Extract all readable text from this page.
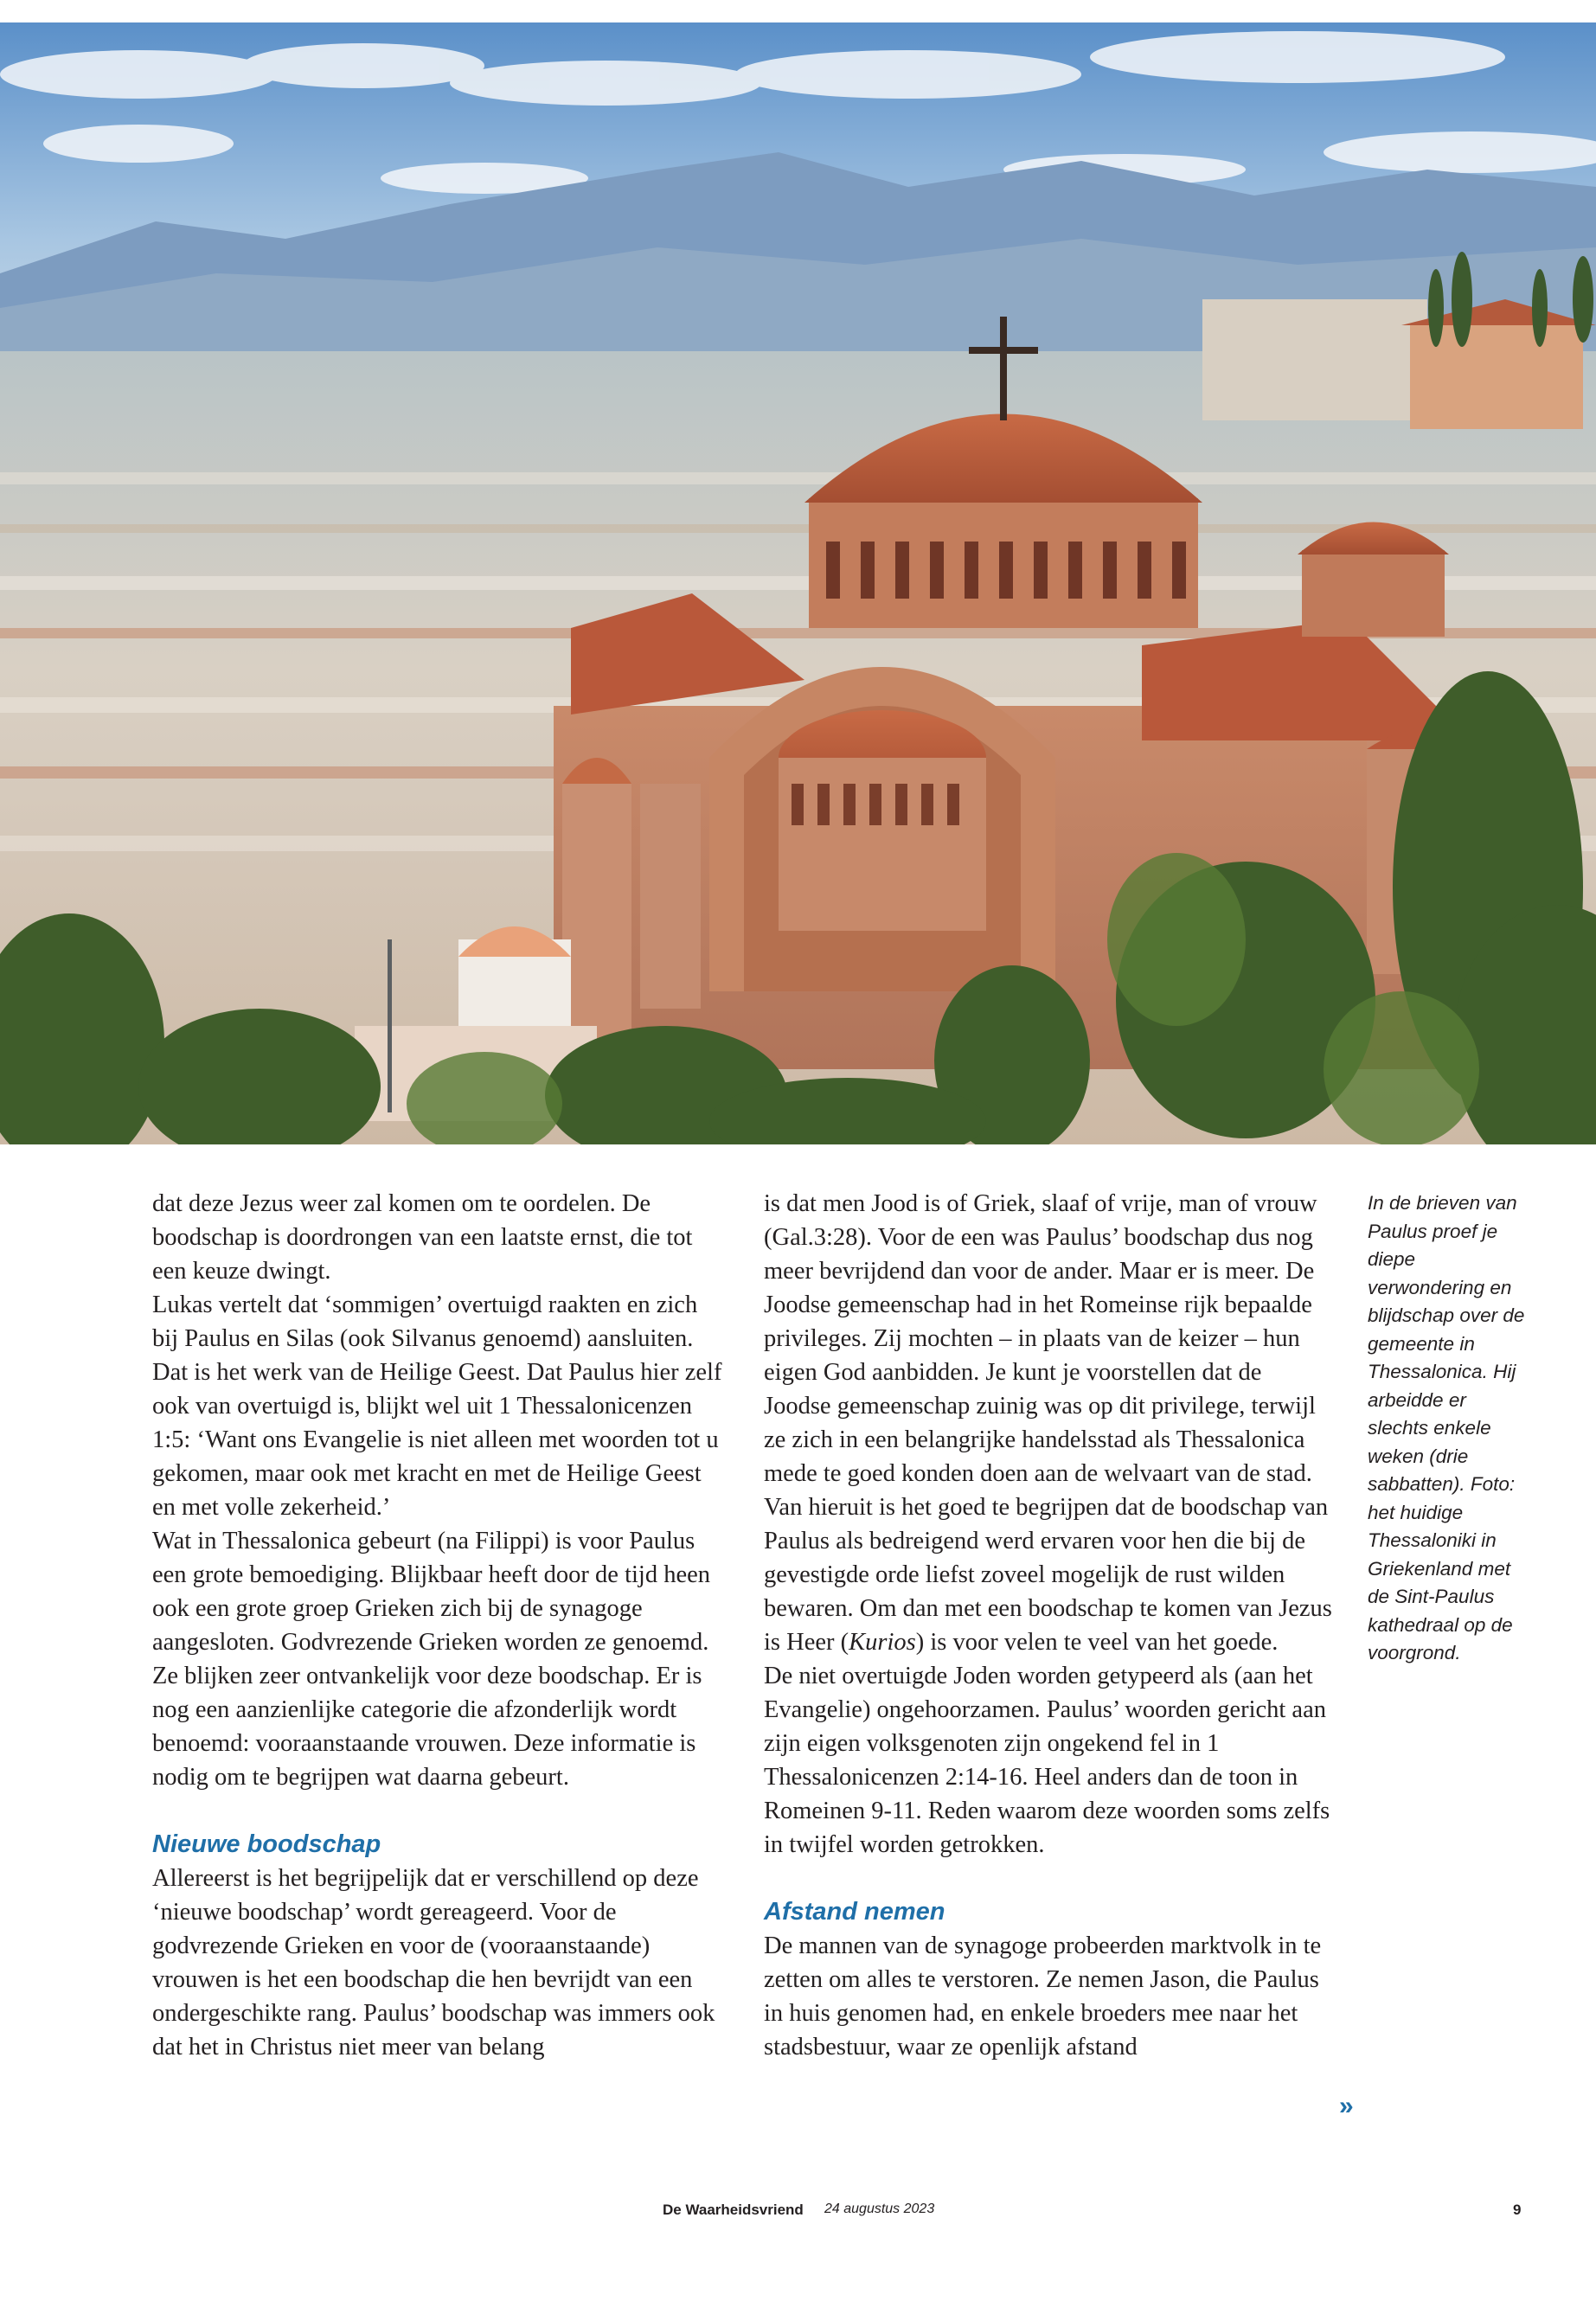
dat deze Jezus weer zal komen om te oordelen. De boodschap is doordrongen van een laatste ernst, die tot een keuze dwingt.

Lukas vertelt dat ‘sommigen’ overtuigd raakten en zich bij Paulus en Silas (ook Silvanus genoemd) aansluiten. Dat is het werk van de Heilige Geest. Dat Paulus hier zelf ook van overtuigd is, blijkt wel uit 1 Thessalonicenzen 1:5: ‘Want ons Evangelie is niet alleen met woorden tot u gekomen, maar ook met kracht en met de Heilige Geest en met volle zekerheid.’

Wat in Thessalonica gebeurt (na Filippi) is voor Paulus een grote bemoediging. Blijkbaar heeft door de tijd heen ook een grote groep Grieken zich bij de synagoge aangesloten. Godvrezende Grieken worden ze genoemd. Ze blijken zeer ontvankelijk voor deze boodschap. Er is nog een aanzienlijke categorie die afzonderlijk wordt benoemd: vooraanstaande vrouwen. Deze informatie is nodig om te begrijpen wat daarna gebeurt.

Nieuwe boodschap

Allereerst is het begrijpelijk dat er verschillend op deze ‘nieuwe boodschap’ wordt gereageerd. Voor de godvrezende Grieken en voor de (vooraanstaande) vrouwen is het een boodschap die hen bevrijdt van een ondergeschikte rang. Paulus’ boodschap was immers ook dat het in Christus niet meer van belang

is dat men Jood is of Griek, slaaf of vrije, man of vrouw (Gal.3:28). Voor de een was Paulus’ boodschap dus nog meer bevrijdend dan voor de ander. Maar er is meer. De Joodse gemeenschap had in het Romeinse rijk bepaalde privileges. Zij mochten – in plaats van de keizer – hun eigen God aanbidden. Je kunt je voorstellen dat de Joodse gemeenschap zuinig was op dit privilege, terwijl ze zich in een belangrijke handelsstad als Thessalonica mede te goed konden doen aan de welvaart van de stad. Van hieruit is het goed te begrijpen dat de boodschap van Paulus als bedreigend werd ervaren voor hen die bij de gevestigde orde liefst zoveel mogelijk de rust wilden bewaren. Om dan met een boodschap te komen van Jezus is Heer (Kurios) is voor velen te veel van het goede.

De niet overtuigde Joden worden getypeerd als (aan het Evangelie) ongehoorzamen. Paulus’ woorden gericht aan zijn eigen volksgenoten zijn ongekend fel in 1 Thessalonicenzen 2:14-16. Heel anders dan de toon in Romeinen 9-11. Reden waarom deze woorden soms zelfs in twijfel worden getrokken.

Afstand nemen

De mannen van de synagoge probeerden marktvolk in te zetten om alles te verstoren. Ze nemen Jason, die Paulus in huis genomen had, en enkele broeders mee naar het stadsbestuur, waar ze openlijk afstand

»
In de brieven van Paulus proef je diepe verwondering en blijdschap over de gemeente in Thessalonica. Hij arbeidde er slechts enkele weken (drie sabbatten). Foto: het huidige Thessaloniki in Griekenland met de Sint-Paulus kathedraal op de voorgrond.
De Waarheidsvriend 24 augustus 2023	9
